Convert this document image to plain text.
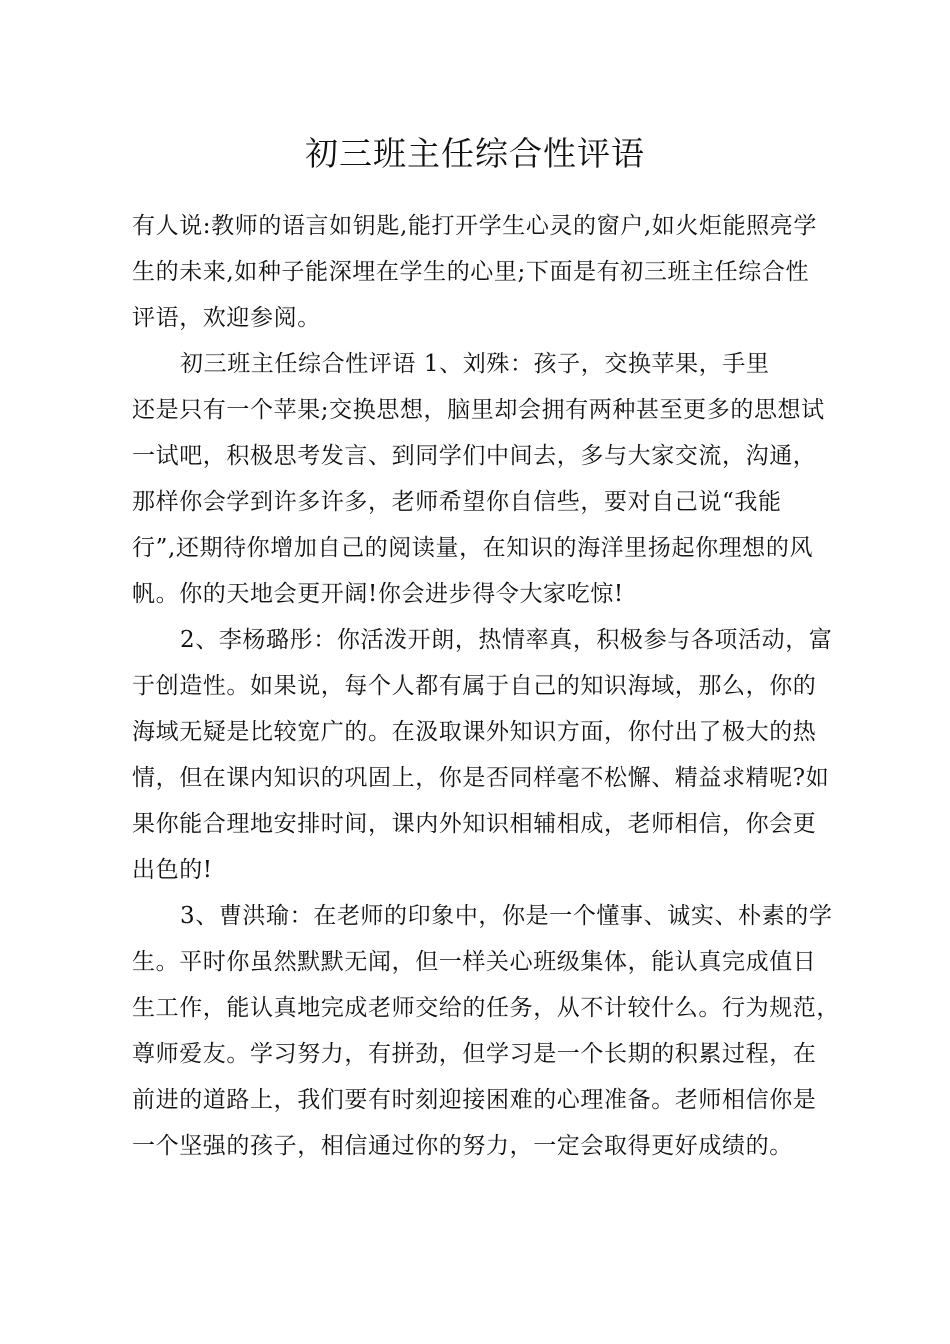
初三班主任综合性评语
有人说:教师的语言如钥匙,能打开学生心灵的窗户,如火炬能照亮学
生的未来,如种子能深埋在学生的心里;下面是有初三班主任综合性
评语，欢迎参阅。
初三班主任综合性评语 1、刘殊：孩子，交换苹果，手里
还是只有一个苹果;交换思想，脑里却会拥有两种甚至更多的思想试
一试吧，积极思考发言、到同学们中间去，多与大家交流，沟通，
那样你会学到许多许多，老师希望你自信些，要对自己说“我能
行”,还期待你增加自己的阅读量，在知识的海洋里扬起你理想的风
帆。你的天地会更开阔!你会进步得令大家吃惊!
2、李杨璐彤：你活泼开朗，热情率真，积极参与各项活动，富
于创造性。如果说，每个人都有属于自己的知识海域，那么，你的
海域无疑是比较宽广的。在汲取课外知识方面，你付出了极大的热
情，但在课内知识的巩固上，你是否同样毫不松懈、精益求精呢?如
果你能合理地安排时间，课内外知识相辅相成，老师相信，你会更
出色的!
3、曹洪瑜：在老师的印象中，你是一个懂事、诚实、朴素的学
生。平时你虽然默默无闻，但一样关心班级集体，能认真完成值日
生工作，能认真地完成老师交给的任务，从不计较什么。行为规范，
尊师爱友。学习努力，有拼劲，但学习是一个长期的积累过程，在
前进的道路上，我们要有时刻迎接困难的心理准备。老师相信你是
一个坚强的孩子，相信通过你的努力，一定会取得更好成绩的。
